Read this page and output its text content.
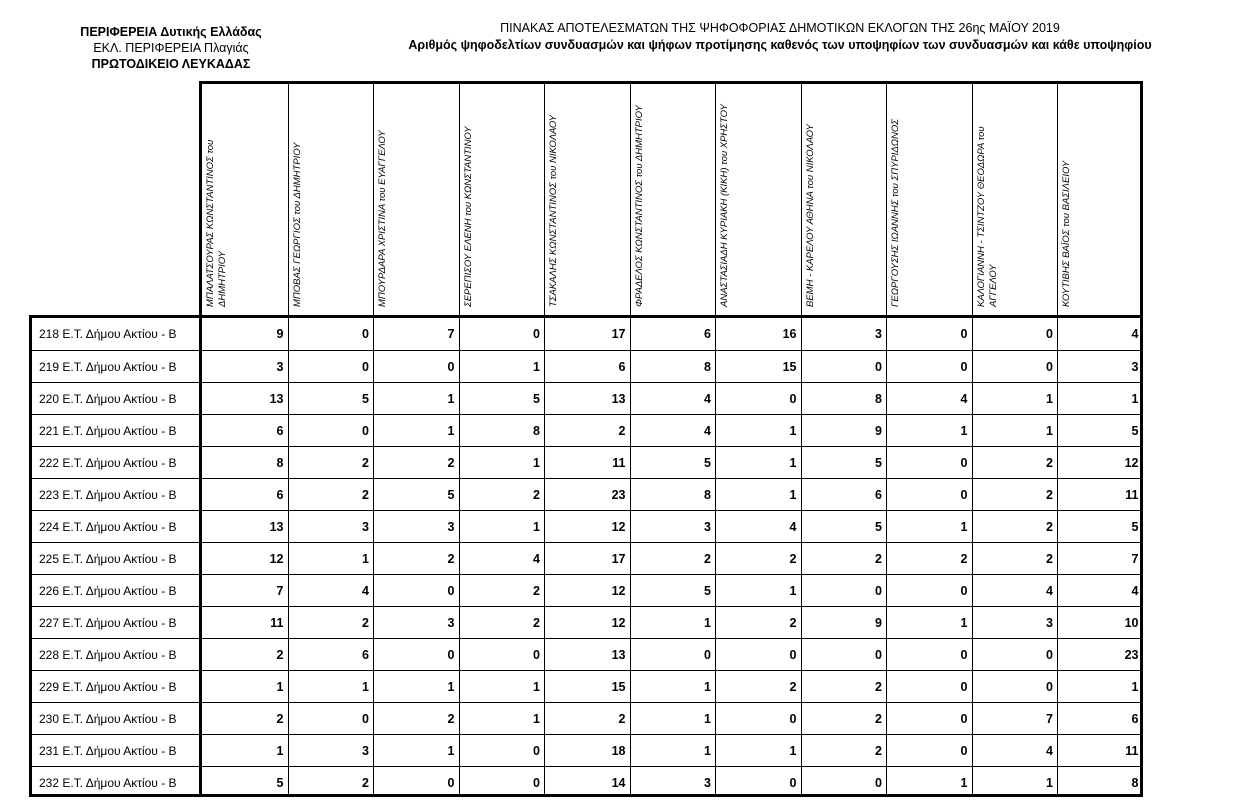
ΠΕΡΙΦΕΡΕΙΑ Δυτικής Ελλάδας
ΕΚΛ. ΠΕΡΙΦΕΡΕΙΑ Πλαγιάς
ΠΡΩΤΟΔΙΚΕΙΟ ΛΕΥΚΑΔΑΣ
ΠΙΝΑΚΑΣ ΑΠΟΤΕΛΕΣΜΑΤΩΝ ΤΗΣ ΨΗΦΟΦΟΡΙΑΣ ΔΗΜΟΤΙΚΩΝ ΕΚΛΟΓΩΝ ΤΗΣ 26ης ΜΑΪΟΥ 2019
Αριθμός ψηφοδελτίων συνδυασμών και ψήφων προτίμησης καθενός των υποψηφίων των συνδυασμών και κάθε υποψηφίου
ΜΠΑΛΑΤΣΟΥΡΑΣ ΚΩΝΣΤΑΝΤΙΝΟΣ του ΔΗΜΗΤΡΙΟΥ	ΜΠΟΒΑΣ ΓΕΩΡΓΙΟΣ του ΔΗΜΗΤΡΙΟΥ	ΜΠΟΥΡΔΑΡΑ ΧΡΙΣΤΙΝΑ του ΕΥΑΓΓΕΛΟΥ	ΣΕΡΕΠΙΣΟΥ ΕΛΕΝΗ του ΚΩΝΣΤΑΝΤΙΝΟΥ	ΤΣΑΚΑΛΗΣ ΚΩΝΣΤΑΝΤΙΝΟΣ του ΝΙΚΟΛΑΟΥ	ΦΡΑΔΕΛΟΣ ΚΩΝΣΤΑΝΤΙΝΟΣ του ΔΗΜΗΤΡΙΟΥ	ΑΝΑΣΤΑΣΙΑΔΗ ΚΥΡΙΑΚΗ (ΚΙΚΗ) του ΧΡΗΣΤΟΥ	ΒΕΜΗ - ΚΑΡΕΛΟΥ ΑΘΗΝΑ του ΝΙΚΟΛΑΟΥ	ΓΕΩΡΓΟΥΣΗΣ ΙΩΑΝΝΗΣ του ΣΠΥΡΙΔΩΝΟΣ	ΚΑΛΟΓΙΑΝΝΗ - ΤΣΙΝΤΖΟΥ ΘΕΟΔΩΡΑ του ΑΓΓΕΛΟΥ	ΚΟΥΤΙΒΗΣ ΒΑΪΟΣ του ΒΑΣΙΛΕΙΟΥ
218 Ε.Τ. Δήμου Ακτίου - Β	9	0	7	0	17	6	16	3	0	0	4
219 Ε.Τ. Δήμου Ακτίου - Β	3	0	0	1	6	8	15	0	0	0	3
220 Ε.Τ. Δήμου Ακτίου - Β	13	5	1	5	13	4	0	8	4	1	1
221 Ε.Τ. Δήμου Ακτίου - Β	6	0	1	8	2	4	1	9	1	1	5
222 Ε.Τ. Δήμου Ακτίου - Β	8	2	2	1	11	5	1	5	0	2	12
223 Ε.Τ. Δήμου Ακτίου - Β	6	2	5	2	23	8	1	6	0	2	11
224 Ε.Τ. Δήμου Ακτίου - Β	13	3	3	1	12	3	4	5	1	2	5
225 Ε.Τ. Δήμου Ακτίου - Β	12	1	2	4	17	2	2	2	2	2	7
226 Ε.Τ. Δήμου Ακτίου - Β	7	4	0	2	12	5	1	0	0	4	4
227 Ε.Τ. Δήμου Ακτίου - Β	11	2	3	2	12	1	2	9	1	3	10
228 Ε.Τ. Δήμου Ακτίου - Β	2	6	0	0	13	0	0	0	0	0	23
229 Ε.Τ. Δήμου Ακτίου - Β	1	1	1	1	15	1	2	2	0	0	1
230 Ε.Τ. Δήμου Ακτίου - Β	2	0	2	1	2	1	0	2	0	7	6
231 Ε.Τ. Δήμου Ακτίου - Β	1	3	1	0	18	1	1	2	0	4	11
232 Ε.Τ. Δήμου Ακτίου - Β	5	2	0	0	14	3	0	0	1	1	8
